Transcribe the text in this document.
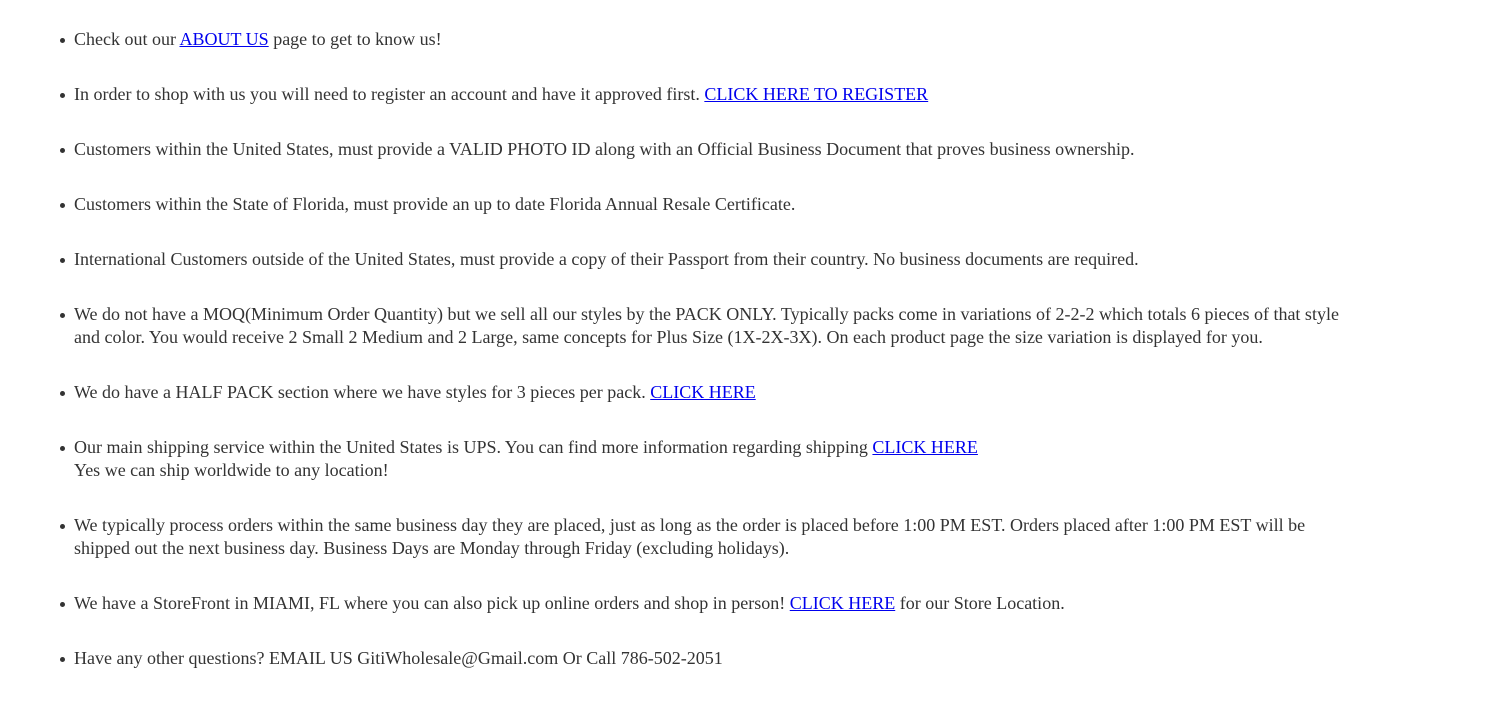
Check out our ABOUT US page to get to know us!
In order to shop with us you will need to register an account and have it approved first. CLICK HERE TO REGISTER
Customers within the United States, must provide a VALID PHOTO ID along with an Official Business Document that proves business ownership.
Customers within the State of Florida, must provide an up to date Florida Annual Resale Certificate.
International Customers outside of the United States, must provide a copy of their Passport from their country. No business documents are required.
We do not have a MOQ(Minimum Order Quantity) but we sell all our styles by the PACK ONLY. Typically packs come in variations of 2-2-2 which totals 6 pieces of that style
and color. You would receive 2 Small 2 Medium and 2 Large, same concepts for Plus Size (1X-2X-3X). On each product page the size variation is displayed for you.
We do have a HALF PACK section where we have styles for 3 pieces per pack. CLICK HERE
Our main shipping service within the United States is UPS. You can find more information regarding shipping CLICK HERE
Yes we can ship worldwide to any location!
We typically process orders within the same business day they are placed, just as long as the order is placed before 1:00 PM EST. Orders placed after 1:00 PM EST will be
shipped out the next business day. Business Days are Monday through Friday (excluding holidays).
We have a StoreFront in MIAMI, FL where you can also pick up online orders and shop in person! CLICK HERE for our Store Location.
Have any other questions? EMAIL US GitiWholesale@Gmail.com Or Call 786-502-2051
